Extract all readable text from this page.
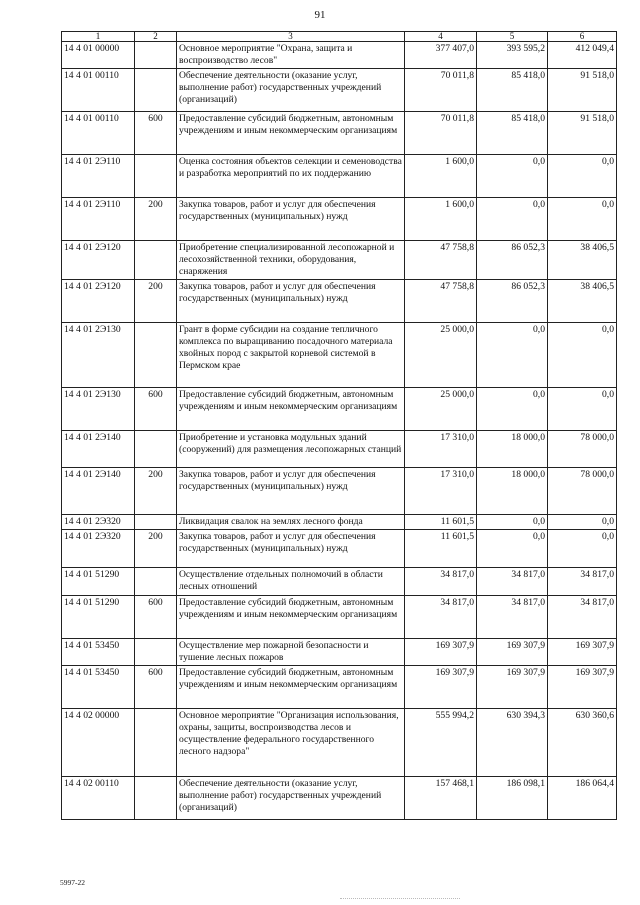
91
1	2	3	4	5	6
14 4 01 00000		Основное мероприятие "Охрана, защита и воспроизводство лесов"	377 407,0	393 595,2	412 049,4
14 4 01 00110		Обеспечение деятельности (оказание услуг, выполнение работ) государственных учреждений (организаций)	70 011,8	85 418,0	91 518,0
14 4 01 00110	600	Предоставление субсидий бюджетным, автономным учреждениям и иным некоммерческим организациям	70 011,8	85 418,0	91 518,0
14 4 01 2Э110		Оценка состояния объектов селекции и семеноводства и разработка мероприятий по их поддержанию	1 600,0	0,0	0,0
14 4 01 2Э110	200	Закупка товаров, работ и услуг для обеспечения государственных (муниципальных) нужд	1 600,0	0,0	0,0
14 4 01 2Э120		Приобретение специализированной лесопожарной и лесохозяйственной техники, оборудования, снаряжения	47 758,8	86 052,3	38 406,5
14 4 01 2Э120	200	Закупка товаров, работ и услуг для обеспечения государственных (муниципальных) нужд	47 758,8	86 052,3	38 406,5
14 4 01 2Э130		Грант в форме субсидии на создание тепличного комплекса по выращиванию посадочного материала хвойных пород с закрытой корневой системой в Пермском крае	25 000,0	0,0	0,0
14 4 01 2Э130	600	Предоставление субсидий бюджетным, автономным учреждениям и иным некоммерческим организациям	25 000,0	0,0	0,0
14 4 01 2Э140		Приобретение и установка модульных зданий (сооружений) для размещения лесопожарных станций	17 310,0	18 000,0	78 000,0
14 4 01 2Э140	200	Закупка товаров, работ и услуг для обеспечения государственных (муниципальных) нужд	17 310,0	18 000,0	78 000,0
14 4 01 2Э320		Ликвидация свалок на землях лесного фонда	11 601,5	0,0	0,0
14 4 01 2Э320	200	Закупка товаров, работ и услуг для обеспечения государственных (муниципальных) нужд	11 601,5	0,0	0,0
14 4 01 51290		Осуществление отдельных полномочий в области лесных отношений	34 817,0	34 817,0	34 817,0
14 4 01 51290	600	Предоставление субсидий бюджетным, автономным учреждениям и иным некоммерческим организациям	34 817,0	34 817,0	34 817,0
14 4 01 53450		Осуществление мер пожарной безопасности и тушение лесных пожаров	169 307,9	169 307,9	169 307,9
14 4 01 53450	600	Предоставление субсидий бюджетным, автономным учреждениям и иным некоммерческим организациям	169 307,9	169 307,9	169 307,9
14 4 02 00000		Основное мероприятие "Организация использования, охраны, защиты, воспроизводства лесов и осуществление федерального государственного лесного надзора"	555 994,2	630 394,3	630 360,6
14 4 02 00110		Обеспечение деятельности (оказание услуг, выполнение работ) государственных учреждений (организаций)	157 468,1	186 098,1	186 064,4
5997-22
